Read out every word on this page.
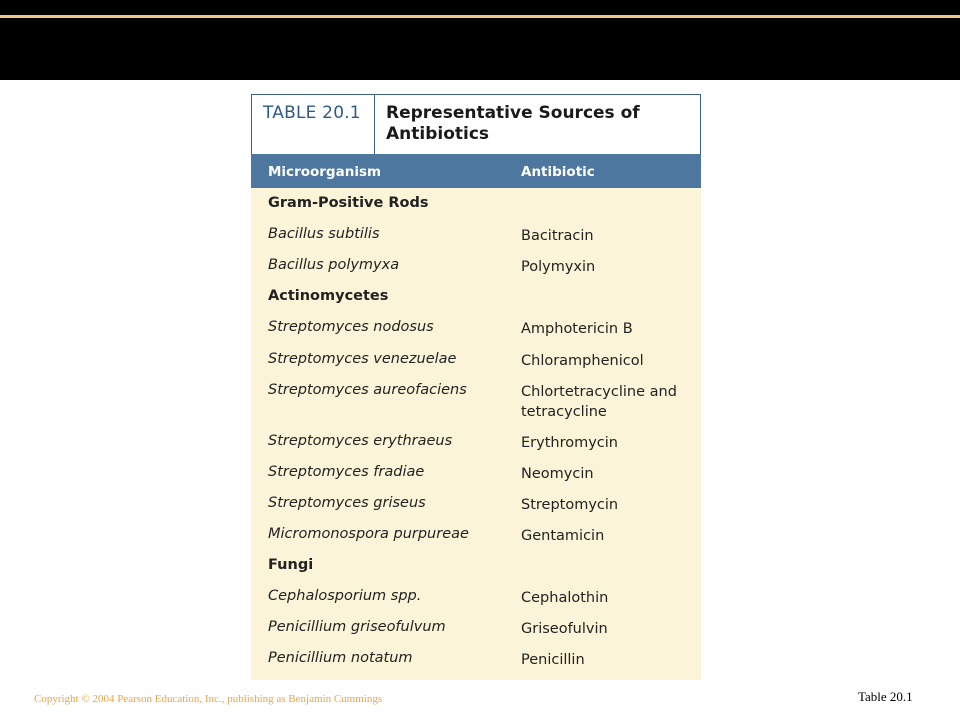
TABLE 20.1	Representative Sources of Antibiotics
Microorganism	Antibiotic
Gram-Positive Rods
Bacillus subtilis	Bacitracin
Bacillus polymyxa	Polymyxin
Actinomycetes
Streptomyces nodosus	Amphotericin B
Streptomyces venezuelae	Chloramphenicol
Streptomyces aureofaciens	Chlortetracycline and tetracycline
Streptomyces erythraeus	Erythromycin
Streptomyces fradiae	Neomycin
Streptomyces griseus	Streptomycin
Micromonospora purpureae	Gentamicin
Fungi
Cephalosporium spp.	Cephalothin
Penicillium griseofulvum	Griseofulvin
Penicillium notatum	Penicillin
Copyright © 2004 Pearson Education, Inc., publishing as Benjamin Cummings	Table 20.1
